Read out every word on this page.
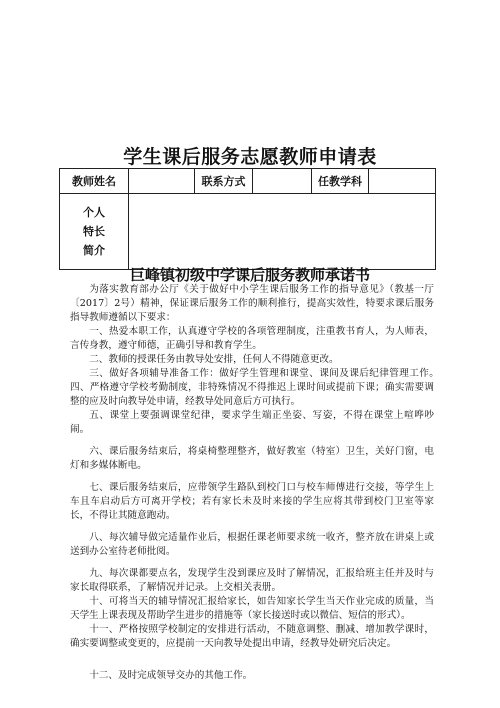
学生课后服务志愿教师申请表
教师姓名		联系方式		任教学科	

个人
特长
简介					

巨峰镇初级中学课后服务教师承诺书

为落实教育部办公厅《关于做好中小学生课后服务工作的指导意见》（教基一厅〔2017〕2号）精神，保证课后服务工作的顺利推行，提高实效性，特要求课后服务指导教师遵循以下要求：

一、热爱本职工作，认真遵守学校的各项管理制度，注重教书育人，为人师表，言传身教，遵守师德，正确引导和教育学生。

二、教师的授课任务由教导处安排，任何人不得随意更改。

三、做好各项辅导准备工作：做好学生管理和课堂、课间及课后纪律管理工作。　　四、严格遵守学校考勤制度，非特殊情况不得推迟上课时间或提前下课；确实需要调整的应及时向教导处申请，经教导处同意后方可执行。

五、课堂上要强调课堂纪律，要求学生端正坐姿、写姿，不得在课堂上喧哗吵闹。

六、课后服务结束后，将桌椅整理整齐，做好教室（特室）卫生，关好门窗，电灯和多媒体断电。

七、课后服务结束后，应带领学生路队到校门口与校车师傅进行交接，等学生上车且车启动后方可离开学校；若有家长未及时来接的学生应将其带到校门卫室等家长，不得让其随意跑动。

八、每次辅导做完适量作业后，根据任课老师要求统一收齐，整齐放在讲桌上或送到办公室待老师批阅。

九、每次课都要点名，发现学生没到课应及时了解情况，汇报给班主任并及时与家长取得联系，了解情况并记录。上交相关表册。

十、可将当天的辅导情况汇报给家长，如告知家长学生当天作业完成的质量，当天学生上课表现及帮助学生进步的措施等（家长接送时或以微信、短信的形式）。

十一、严格按照学校制定的安排进行活动，不随意调整、删减、增加教学课时，确实要调整或变更的，应提前一天向教导处提出申请，经教导处研究后决定。

十二、及时完成领导交办的其他工作。
